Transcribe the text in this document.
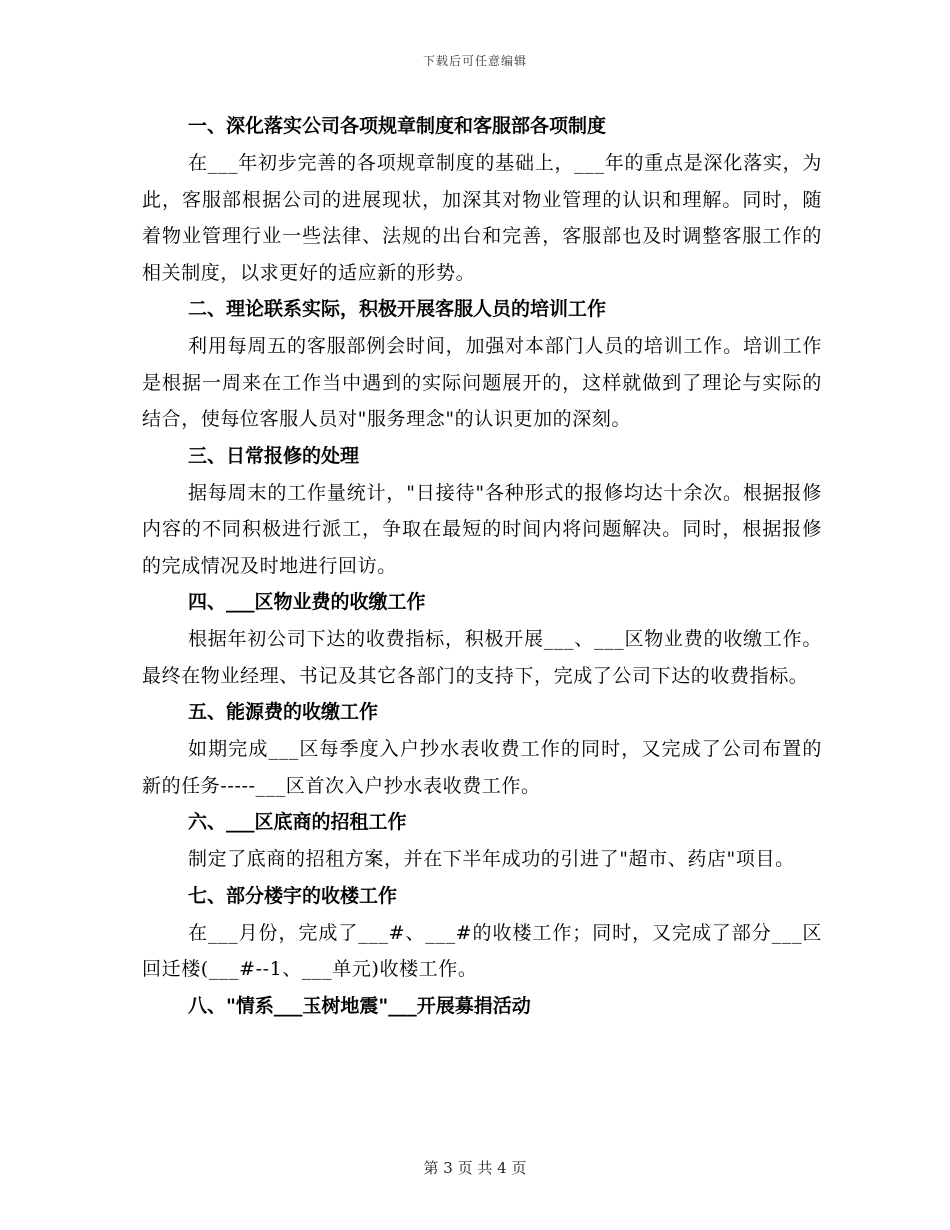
下载后可任意编辑

一、深化落实公司各项规章制度和客服部各项制度

在___年初步完善的各项规章制度的基础上，___年的重点是深化落实，为此，客服部根据公司的进展现状，加深其对物业管理的认识和理解。同时，随着物业管理行业一些法律、法规的出台和完善，客服部也及时调整客服工作的相关制度，以求更好的适应新的形势。

二、理论联系实际，积极开展客服人员的培训工作

利用每周五的客服部例会时间，加强对本部门人员的培训工作。培训工作是根据一周来在工作当中遇到的实际问题展开的，这样就做到了理论与实际的结合，使每位客服人员对"服务理念"的认识更加的深刻。

三、日常报修的处理

据每周末的工作量统计，"日接待"各种形式的报修均达十余次。根据报修内容的不同积极进行派工，争取在最短的时间内将问题解决。同时，根据报修的完成情况及时地进行回访。

四、___区物业费的收缴工作

根据年初公司下达的收费指标，积极开展___、___区物业费的收缴工作。最终在物业经理、书记及其它各部门的支持下，完成了公司下达的收费指标。

五、能源费的收缴工作

如期完成___区每季度入户抄水表收费工作的同时，又完成了公司布置的新的任务-----___区首次入户抄水表收费工作。

六、___区底商的招租工作

制定了底商的招租方案，并在下半年成功的引进了"超市、药店"项目。

七、部分楼宇的收楼工作

在___月份，完成了___#、___#的收楼工作；同时，又完成了部分___区回迁楼(___#--1、___单元)收楼工作。

八、"情系___玉树地震"___开展募捐活动

第 3 页 共 4 页
